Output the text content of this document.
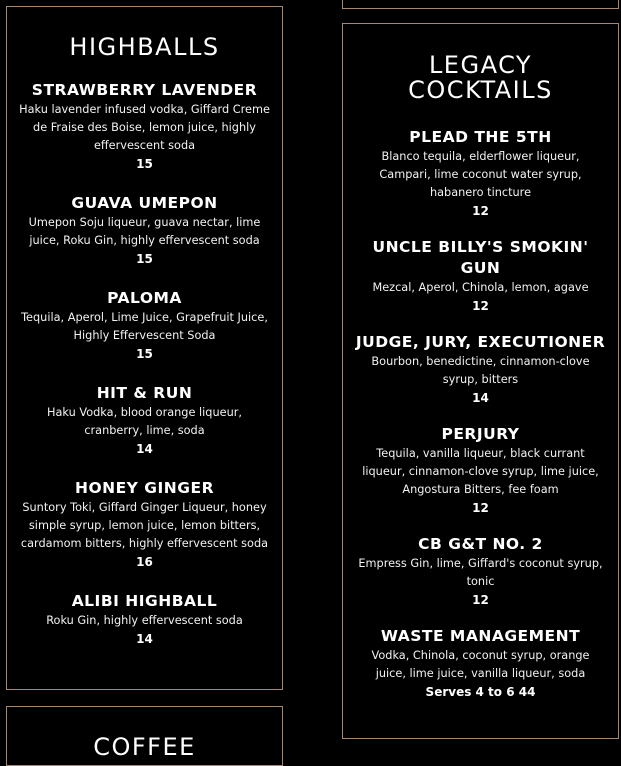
HIGHBALLS
STRAWBERRY LAVENDER
Haku lavender infused vodka, Giffard Creme de Fraise des Boise, lemon juice, highly effervescent soda
15
GUAVA UMEPON
Umepon Soju liqueur, guava nectar, lime juice, Roku Gin, highly effervescent soda
15
PALOMA
Tequila, Aperol, Lime Juice, Grapefruit Juice, Highly Effervescent Soda
15
HIT & RUN
Haku Vodka, blood orange liqueur, cranberry, lime, soda
14
HONEY GINGER
Suntory Toki, Giffard Ginger Liqueur, honey simple syrup, lemon juice, lemon bitters, cardamom bitters, highly effervescent soda
16
ALIBI HIGHBALL
Roku Gin, highly effervescent soda
14
LEGACY
COCKTAILS
PLEAD THE 5TH
Blanco tequila, elderflower liqueur, Campari, lime coconut water syrup, habanero tincture
12
UNCLE BILLY'S SMOKIN' GUN
Mezcal, Aperol, Chinola, lemon, agave
12
JUDGE, JURY, EXECUTIONER
Bourbon, benedictine, cinnamon-clove syrup, bitters
14
PERJURY
Tequila, vanilla liqueur, black currant liqueur, cinnamon-clove syrup, lime juice, Angostura Bitters, fee foam
12
CB G&T NO. 2
Empress Gin, lime, Giffard's coconut syrup, tonic
12
WASTE MANAGEMENT
Vodka, Chinola, coconut syrup, orange juice, lime juice, vanilla liqueur, soda
Serves 4 to 6 44
COFFEE
